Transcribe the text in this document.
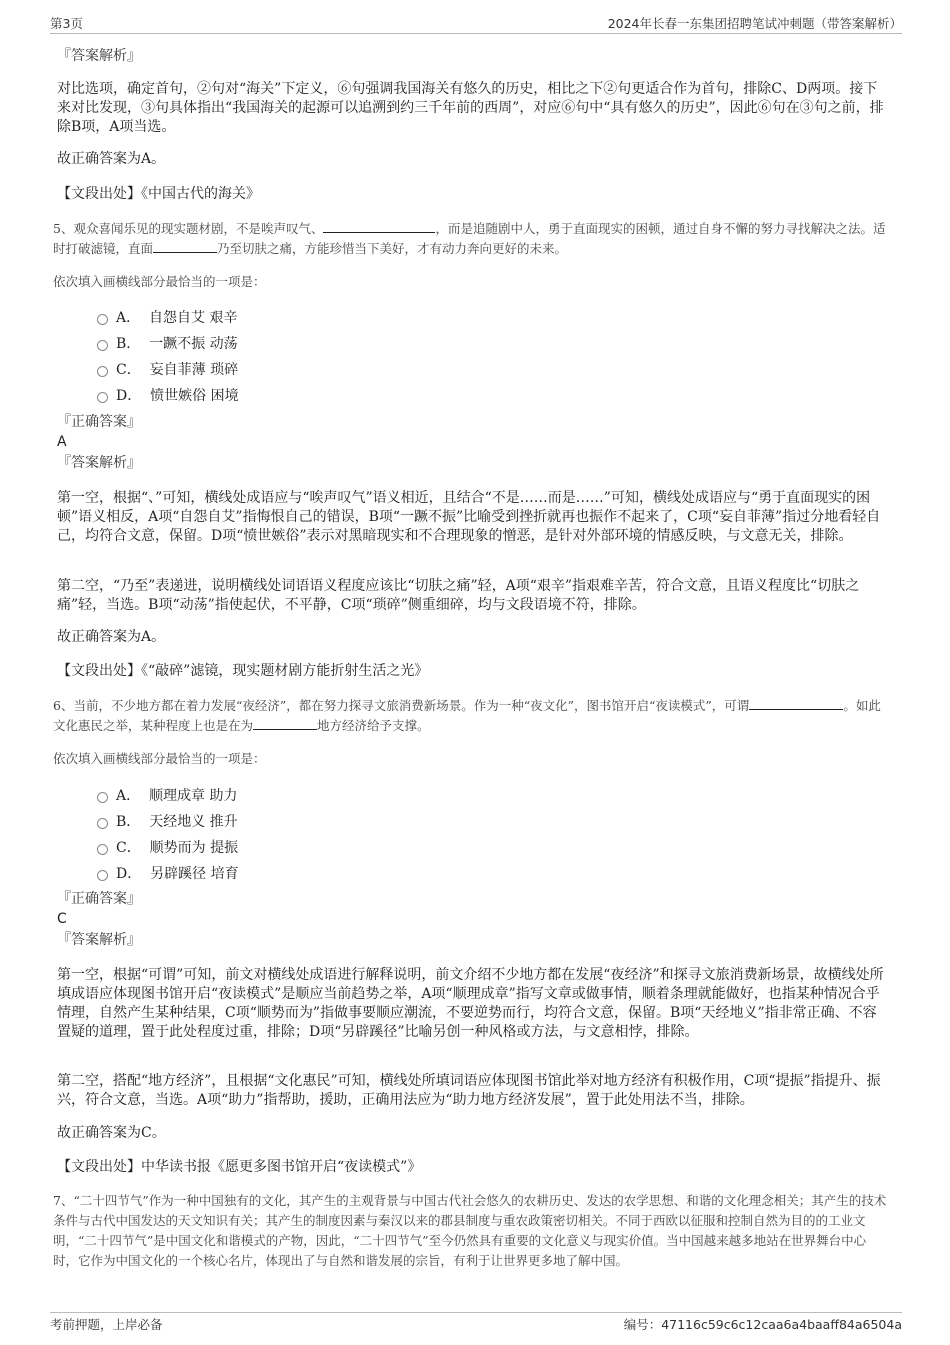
第3页	2024年长春一东集团招聘笔试冲刺题（带答案解析）
『答案解析』
对比选项，确定首句，②句对“海关”下定义，⑥句强调我国海关有悠久的历史，相比之下②句更适合作为首句，排除C、D两项。接下来对比发现，③句具体指出“我国海关的起源可以追溯到约三千年前的西周”，对应⑥句中“具有悠久的历史”，因此⑥句在③句之前，排除B项，A项当选。
故正确答案为A。
【文段出处】《中国古代的海关》
5、观众喜闻乐见的现实题材剧，不是唉声叹气、	，而是追随剧中人，勇于直面现实的困顿，通过自身不懈的努力寻找解决之法。适时打破滤镜，直面	乃至切肤之痛，方能珍惜当下美好，才有动力奔向更好的未来。
依次填入画横线部分最恰当的一项是：
A． 自怨自艾 艰辛
B． 一蹶不振 动荡
C． 妄自菲薄 琐碎
D． 愤世嫉俗 困境
『正确答案』
A
『答案解析』
第一空，根据“、”可知，横线处成语应与“唉声叹气”语义相近，且结合“不是……而是……”可知，横线处成语应与“勇于直面现实的困顿”语义相反，A项“自怨自艾”指悔恨自己的错误，B项“一蹶不振”比喻受到挫折就再也振作不起来了，C项“妄自菲薄”指过分地看轻自己，均符合文意，保留。D项“愤世嫉俗”表示对黑暗现实和不合理现象的憎恶，是针对外部环境的情感反映，与文意无关，排除。
第二空，“乃至”表递进，说明横线处词语语义程度应该比“切肤之痛”轻，A项“艰辛”指艰难辛苦，符合文意，且语义程度比“切肤之痛”轻，当选。B项“动荡”指使起伏，不平静，C项“琐碎”侧重细碎，均与文段语境不符，排除。
故正确答案为A。
【文段出处】《“敲碎”滤镜，现实题材剧方能折射生活之光》
6、当前，不少地方都在着力发展“夜经济”，都在努力探寻文旅消费新场景。作为一种“夜文化”，图书馆开启“夜读模式”，可谓	。如此文化惠民之举，某种程度上也是在为	地方经济给予支撑。
依次填入画横线部分最恰当的一项是：
A． 顺理成章 助力
B． 天经地义 推升
C． 顺势而为 提振
D． 另辟蹊径 培育
『正确答案』
C
『答案解析』
第一空，根据“可谓”可知，前文对横线处成语进行解释说明，前文介绍不少地方都在发展“夜经济”和探寻文旅消费新场景，故横线处所填成语应体现图书馆开启“夜读模式”是顺应当前趋势之举，A项“顺理成章”指写文章或做事情，顺着条理就能做好，也指某种情况合乎情理，自然产生某种结果，C项“顺势而为”指做事要顺应潮流，不要逆势而行，均符合文意，保留。B项“天经地义”指非常正确、不容置疑的道理，置于此处程度过重，排除；D项“另辟蹊径”比喻另创一种风格或方法，与文意相悖，排除。
第二空，搭配“地方经济”，且根据“文化惠民”可知，横线处所填词语应体现图书馆此举对地方经济有积极作用，C项“提振”指提升、振兴，符合文意，当选。A项“助力”指帮助，援助，正确用法应为“助力地方经济发展”，置于此处用法不当，排除。
故正确答案为C。
【文段出处】中华读书报《愿更多图书馆开启“夜读模式”》
7、“二十四节气”作为一种中国独有的文化，其产生的主观背景与中国古代社会悠久的农耕历史、发达的农学思想、和谐的文化理念相关；其产生的技术条件与古代中国发达的天文知识有关；其产生的制度因素与秦汉以来的郡县制度与重农政策密切相关。不同于西欧以征服和控制自然为目的的工业文明，“二十四节气”是中国文化和谐模式的产物，因此，“二十四节气”至今仍然具有重要的文化意义与现实价值。当中国越来越多地站在世界舞台中心时，它作为中国文化的一个核心名片，体现出了与自然和谐发展的宗旨，有利于让世界更多地了解中国。
考前押题，上岸必备	编号：47116c59c6c12caa6a4baaff84a6504a
